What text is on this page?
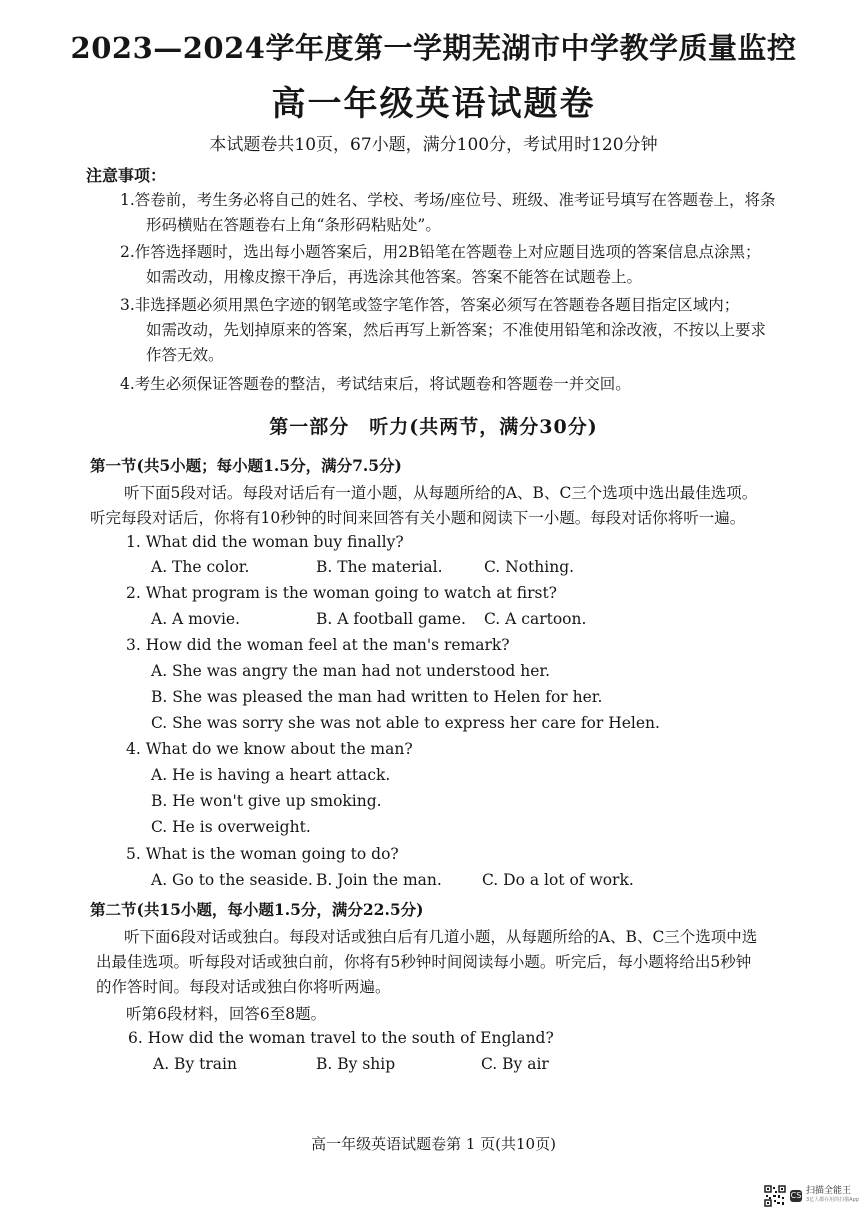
2023—2024学年度第一学期芜湖市中学教学质量监控
高一年级英语试题卷
本试题卷共10页，67小题，满分100分，考试用时120分钟
注意事项：
1.答卷前，考生务必将自己的姓名、学校、考场/座位号、班级、准考证号填写在答题卷上，将条
形码横贴在答题卷右上角“条形码粘贴处”。
2.作答选择题时，选出每小题答案后，用2B铅笔在答题卷上对应题目选项的答案信息点涂黑；
如需改动，用橡皮擦干净后，再选涂其他答案。答案不能答在试题卷上。
3.非选择题必须用黑色字迹的钢笔或签字笔作答，答案必须写在答题卷各题目指定区域内；
如需改动，先划掉原来的答案，然后再写上新答案；不准使用铅笔和涂改液，不按以上要求
作答无效。
4.考生必须保证答题卷的整洁，考试结束后，将试题卷和答题卷一并交回。
第一部分　听力(共两节，满分30分)
第一节(共5小题；每小题1.5分，满分7.5分)
听下面5段对话。每段对话后有一道小题，从每题所给的A、B、C三个选项中选出最佳选项。
听完每段对话后，你将有10秒钟的时间来回答有关小题和阅读下一小题。每段对话你将听一遍。
1. What did the woman buy finally?
A. The color.	B. The material.	C. Nothing.
2. What program is the woman going to watch at first?
A. A movie.	B. A football game. C. A cartoon.
3. How did the woman feel at the man's remark?
A. She was angry the man had not understood her.
B. She was pleased the man had written to Helen for her.
C. She was sorry she was not able to express her care for Helen.
4. What do we know about the man?
A. He is having a heart attack.
B. He won't give up smoking.
C. He is overweight.
5. What is the woman going to do?
A. Go to the seaside. B. Join the man.	C. Do a lot of work.
第二节(共15小题，每小题1.5分，满分22.5分)
听下面6段对话或独白。每段对话或独白后有几道小题，从每题所给的A、B、C三个选项中选
出最佳选项。听每段对话或独白前，你将有5秒钟时间阅读每小题。听完后，每小题将给出5秒钟
的作答时间。每段对话或独白你将听两遍。
听第6段材料，回答6至8题。
6. How did the woman travel to the south of England?
A. By train	B. By ship	C. By air
高一年级英语试题卷第 1 页(共10页)
CS 扫描全能王
3亿人都在用的扫描App
